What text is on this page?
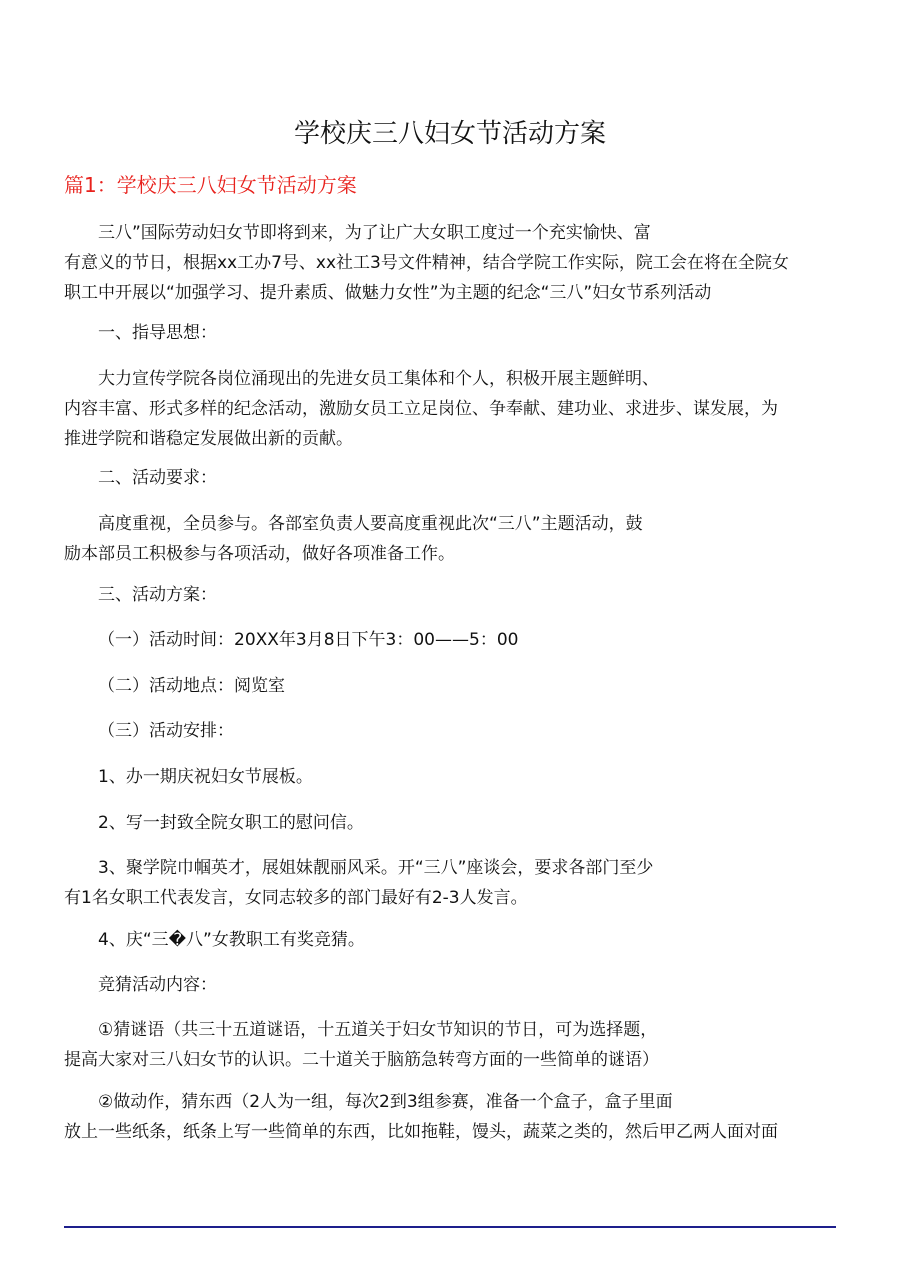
学校庆三八妇女节活动方案
篇1：学校庆三八妇女节活动方案
三八”国际劳动妇女节即将到来，为了让广大女职工度过一个充实愉快、富
有意义的节日，根据xx工办7号、xx社工3号文件精神，结合学院工作实际，院工会在将在全院女
职工中开展以“加强学习、提升素质、做魅力女性”为主题的纪念“三八”妇女节系列活动
一、指导思想：
大力宣传学院各岗位涌现出的先进女员工集体和个人，积极开展主题鲜明、
内容丰富、形式多样的纪念活动，激励女员工立足岗位、争奉献、建功业、求进步、谋发展，为
推进学院和谐稳定发展做出新的贡献。
二、活动要求：
高度重视，全员参与。各部室负责人要高度重视此次“三八”主题活动，鼓
励本部员工积极参与各项活动，做好各项准备工作。
三、活动方案：
（一）活动时间：20XX年3月8日下午3：00——5：00
（二）活动地点：阅览室
（三）活动安排：
1、办一期庆祝妇女节展板。
2、写一封致全院女职工的慰问信。
3、聚学院巾帼英才，展姐妹靓丽风采。开“三八”座谈会，要求各部门至少
有1名女职工代表发言，女同志较多的部门最好有2-3人发言。
4、庆“三�八”女教职工有奖竞猜。
竞猜活动内容：
①猜谜语（共三十五道谜语，十五道关于妇女节知识的节日，可为选择题，
提高大家对三八妇女节的认识。二十道关于脑筋急转弯方面的一些简单的谜语）
②做动作，猜东西（2人为一组，每次2到3组参赛，准备一个盒子，盒子里面
放上一些纸条，纸条上写一些简单的东西，比如拖鞋，馒头，蔬菜之类的，然后甲乙两人面对面
